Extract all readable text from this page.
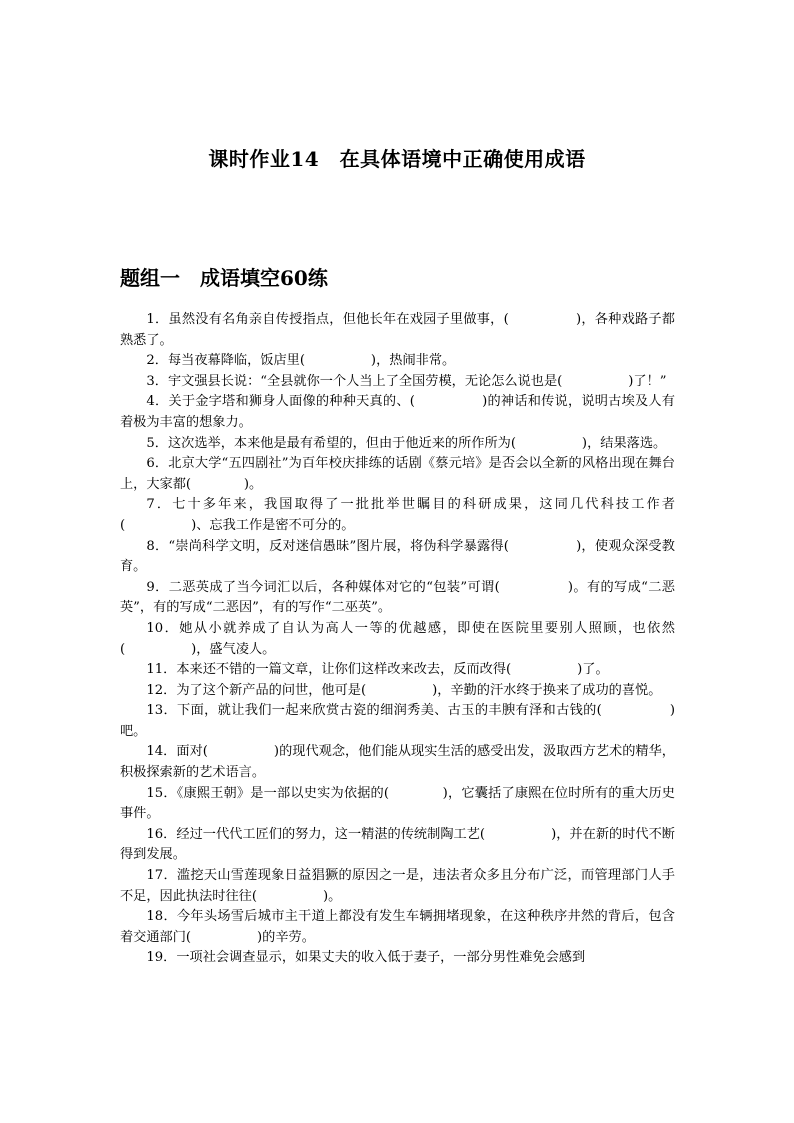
课时作业14　在具体语境中正确使用成语
题组一　成语填空60练

1．虽然没有名角亲自传授指点，但他长年在戏园子里做事，(　　　　　)，各种戏路子都熟悉了。

2．每当夜幕降临，饭店里(　　　　　)，热闹非常。

3．宇文强县长说：“全县就你一个人当上了全国劳模，无论怎么说也是(　　　　　)了！”

4．关于金字塔和狮身人面像的种种天真的、(　　　　　)的神话和传说，说明古埃及人有着极为丰富的想象力。

5．这次选举，本来他是最有希望的，但由于他近来的所作所为(　　　　　)，结果落选。

6．北京大学“五四剧社”为百年校庆排练的话剧《蔡元培》是否会以全新的风格出现在舞台上，大家都(　　　　)。

7．七十多年来，我国取得了一批批举世瞩目的科研成果，这同几代科技工作者(　　　　　)、忘我工作是密不可分的。

8．“崇尚科学文明，反对迷信愚昧”图片展，将伪科学暴露得(　　　　　)，使观众深受教育。

9．二恶英成了当今词汇以后，各种媒体对它的“包装”可谓(　　　　　)。有的写成“二恶英”，有的写成“二恶因”，有的写作“二巫英”。

10．她从小就养成了自认为高人一等的优越感，即使在医院里要别人照顾，也依然(　　　　　)，盛气凌人。

11．本来还不错的一篇文章，让你们这样改来改去，反而改得(　　　　　)了。

12．为了这个新产品的问世，他可是(　　　　　)，辛勤的汗水终于换来了成功的喜悦。

13．下面，就让我们一起来欣赏古瓷的细润秀美、古玉的丰腴有泽和古钱的(　　　　　)吧。

14．面对(　　　　　)的现代观念，他们能从现实生活的感受出发，汲取西方艺术的精华，积极探索新的艺术语言。

15．《康熙王朝》是一部以史实为依据的(　　　　)，它囊括了康熙在位时所有的重大历史事件。

16．经过一代代工匠们的努力，这一精湛的传统制陶工艺(　　　　　)，并在新的时代不断得到发展。

17．滥挖天山雪莲现象日益猖獗的原因之一是，违法者众多且分布广泛，而管理部门人手不足，因此执法时往往(　　　　　)。

18．今年头场雪后城市主干道上都没有发生车辆拥堵现象，在这种秩序井然的背后，包含着交通部门(　　　　　)的辛劳。

19．一项社会调查显示，如果丈夫的收入低于妻子，一部分男性难免会感到
